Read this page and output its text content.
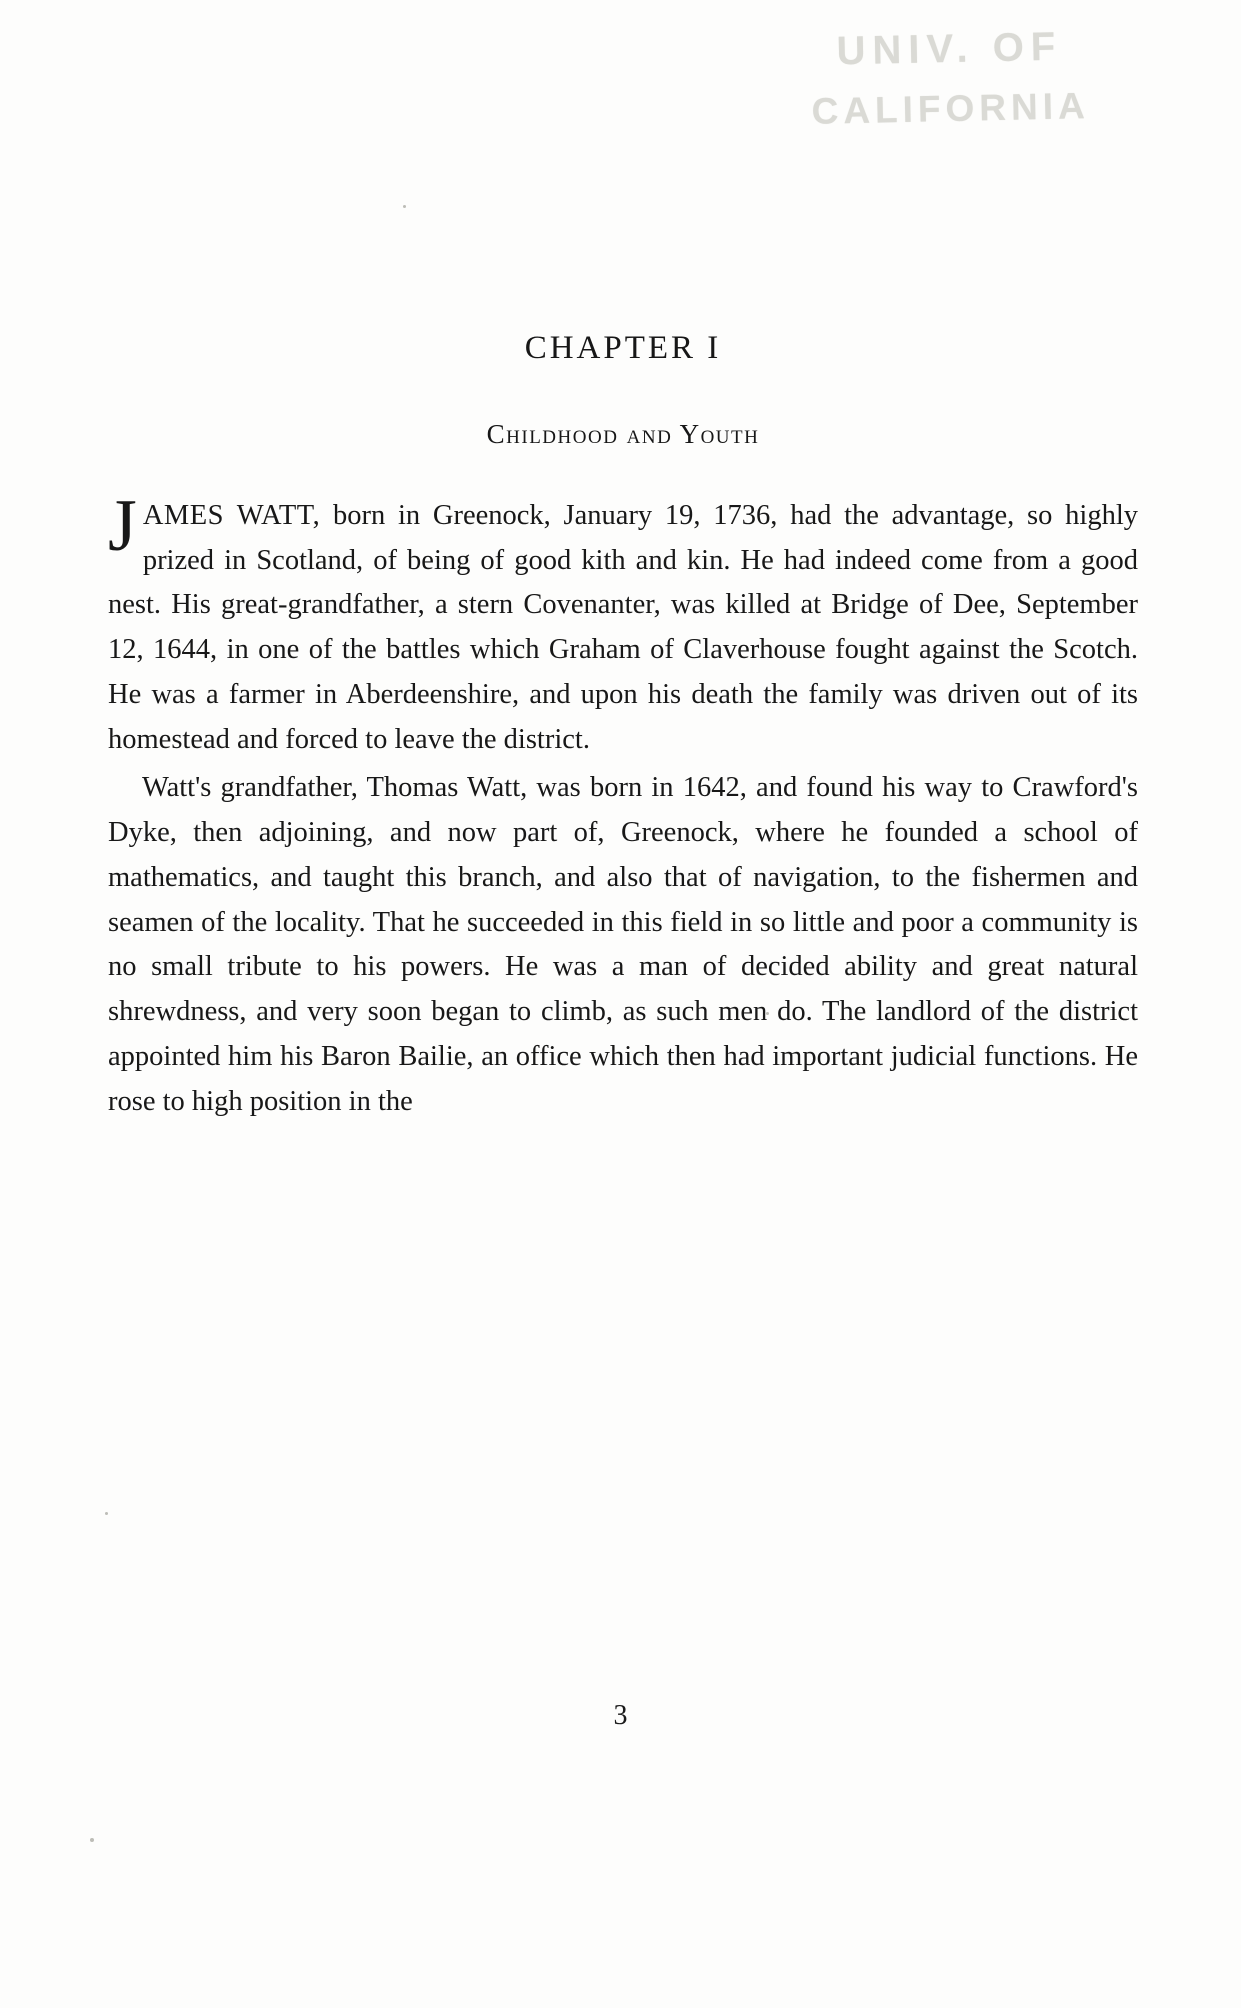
UNIV. OF
CALIFORNIA
CHAPTER I
Childhood and Youth

JAMES WATT, born in Greenock, January 19, 1736, had the advantage, so highly prized in Scotland, of being of good kith and kin. He had indeed come from a good nest. His great-grandfather, a stern Covenanter, was killed at Bridge of Dee, September 12, 1644, in one of the battles which Graham of Claverhouse fought against the Scotch. He was a farmer in Aberdeenshire, and upon his death the family was driven out of its homestead and forced to leave the district.

Watt's grandfather, Thomas Watt, was born in 1642, and found his way to Crawford's Dyke, then adjoining, and now part of, Greenock, where he founded a school of mathematics, and taught this branch, and also that of navigation, to the fishermen and seamen of the locality. That he succeeded in this field in so little and poor a community is no small tribute to his powers. He was a man of decided ability and great natural shrewdness, and very soon began to climb, as such men do. The landlord of the district appointed him his Baron Bailie, an office which then had important judicial functions. He rose to high position in the

3
